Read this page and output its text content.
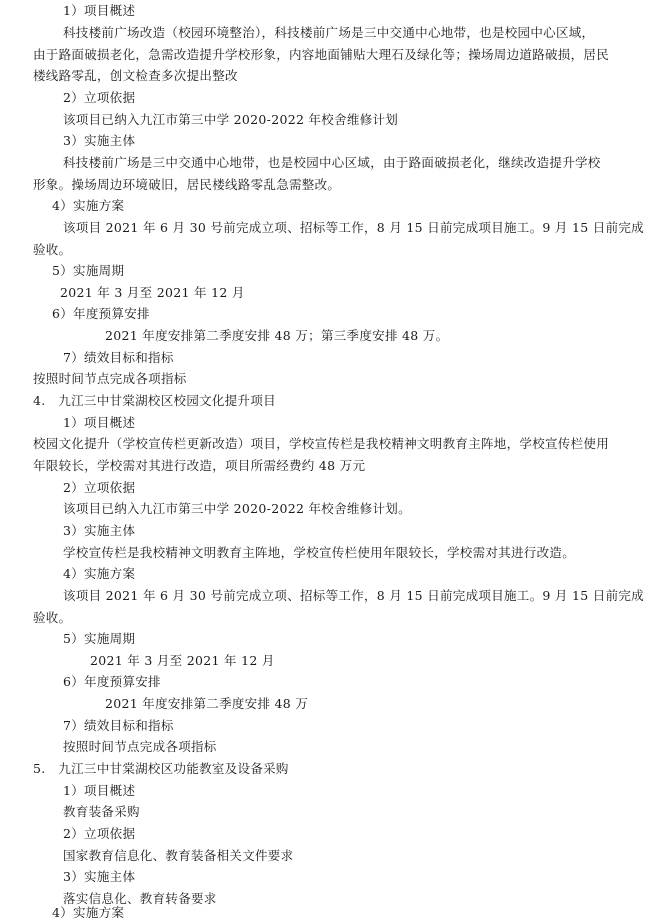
1）项目概述
科技楼前广场改造（校园环境整治），科技楼前广场是三中交通中心地带，也是校园中心区域，
由于路面破损老化，急需改造提升学校形象，内容地面铺贴大理石及绿化等；操场周边道路破损，居民
楼线路零乱，创文检查多次提出整改
2）立项依据
该项目已纳入九江市第三中学 2020-2022 年校舍维修计划
3）实施主体
科技楼前广场是三中交通中心地带，也是校园中心区域，由于路面破损老化，继续改造提升学校
形象。操场周边环境破旧，居民楼线路零乱急需整改。
4）实施方案
该项目 2021 年 6 月 30 号前完成立项、招标等工作，8 月 15 日前完成项目施工。9 月 15 日前完成
验收。
5）实施周期
2021 年 3 月至 2021 年 12 月
6）年度预算安排
2021 年度安排第二季度安排 48 万；第三季度安排 48 万。
7）绩效目标和指标
按照时间节点完成各项指标
4.　九江三中甘棠湖校区校园文化提升项目
1）项目概述
校园文化提升（学校宣传栏更新改造）项目，学校宣传栏是我校精神文明教育主阵地，学校宣传栏使用
年限较长，学校需对其进行改造，项目所需经费约 48 万元
2）立项依据
该项目已纳入九江市第三中学 2020-2022 年校舍维修计划。
3）实施主体
学校宣传栏是我校精神文明教育主阵地，学校宣传栏使用年限较长，学校需对其进行改造。
4）实施方案
该项目 2021 年 6 月 30 号前完成立项、招标等工作，8 月 15 日前完成项目施工。9 月 15 日前完成
验收。
5）实施周期
2021 年 3 月至 2021 年 12 月
6）年度预算安排
2021 年度安排第二季度安排 48 万
7）绩效目标和指标
按照时间节点完成各项指标
5.　九江三中甘棠湖校区功能教室及设备采购
1）项目概述
教育装备采购
2）立项依据
国家教育信息化、教育装备相关文件要求
3）实施主体
落实信息化、教育转备要求
4）实施方案
